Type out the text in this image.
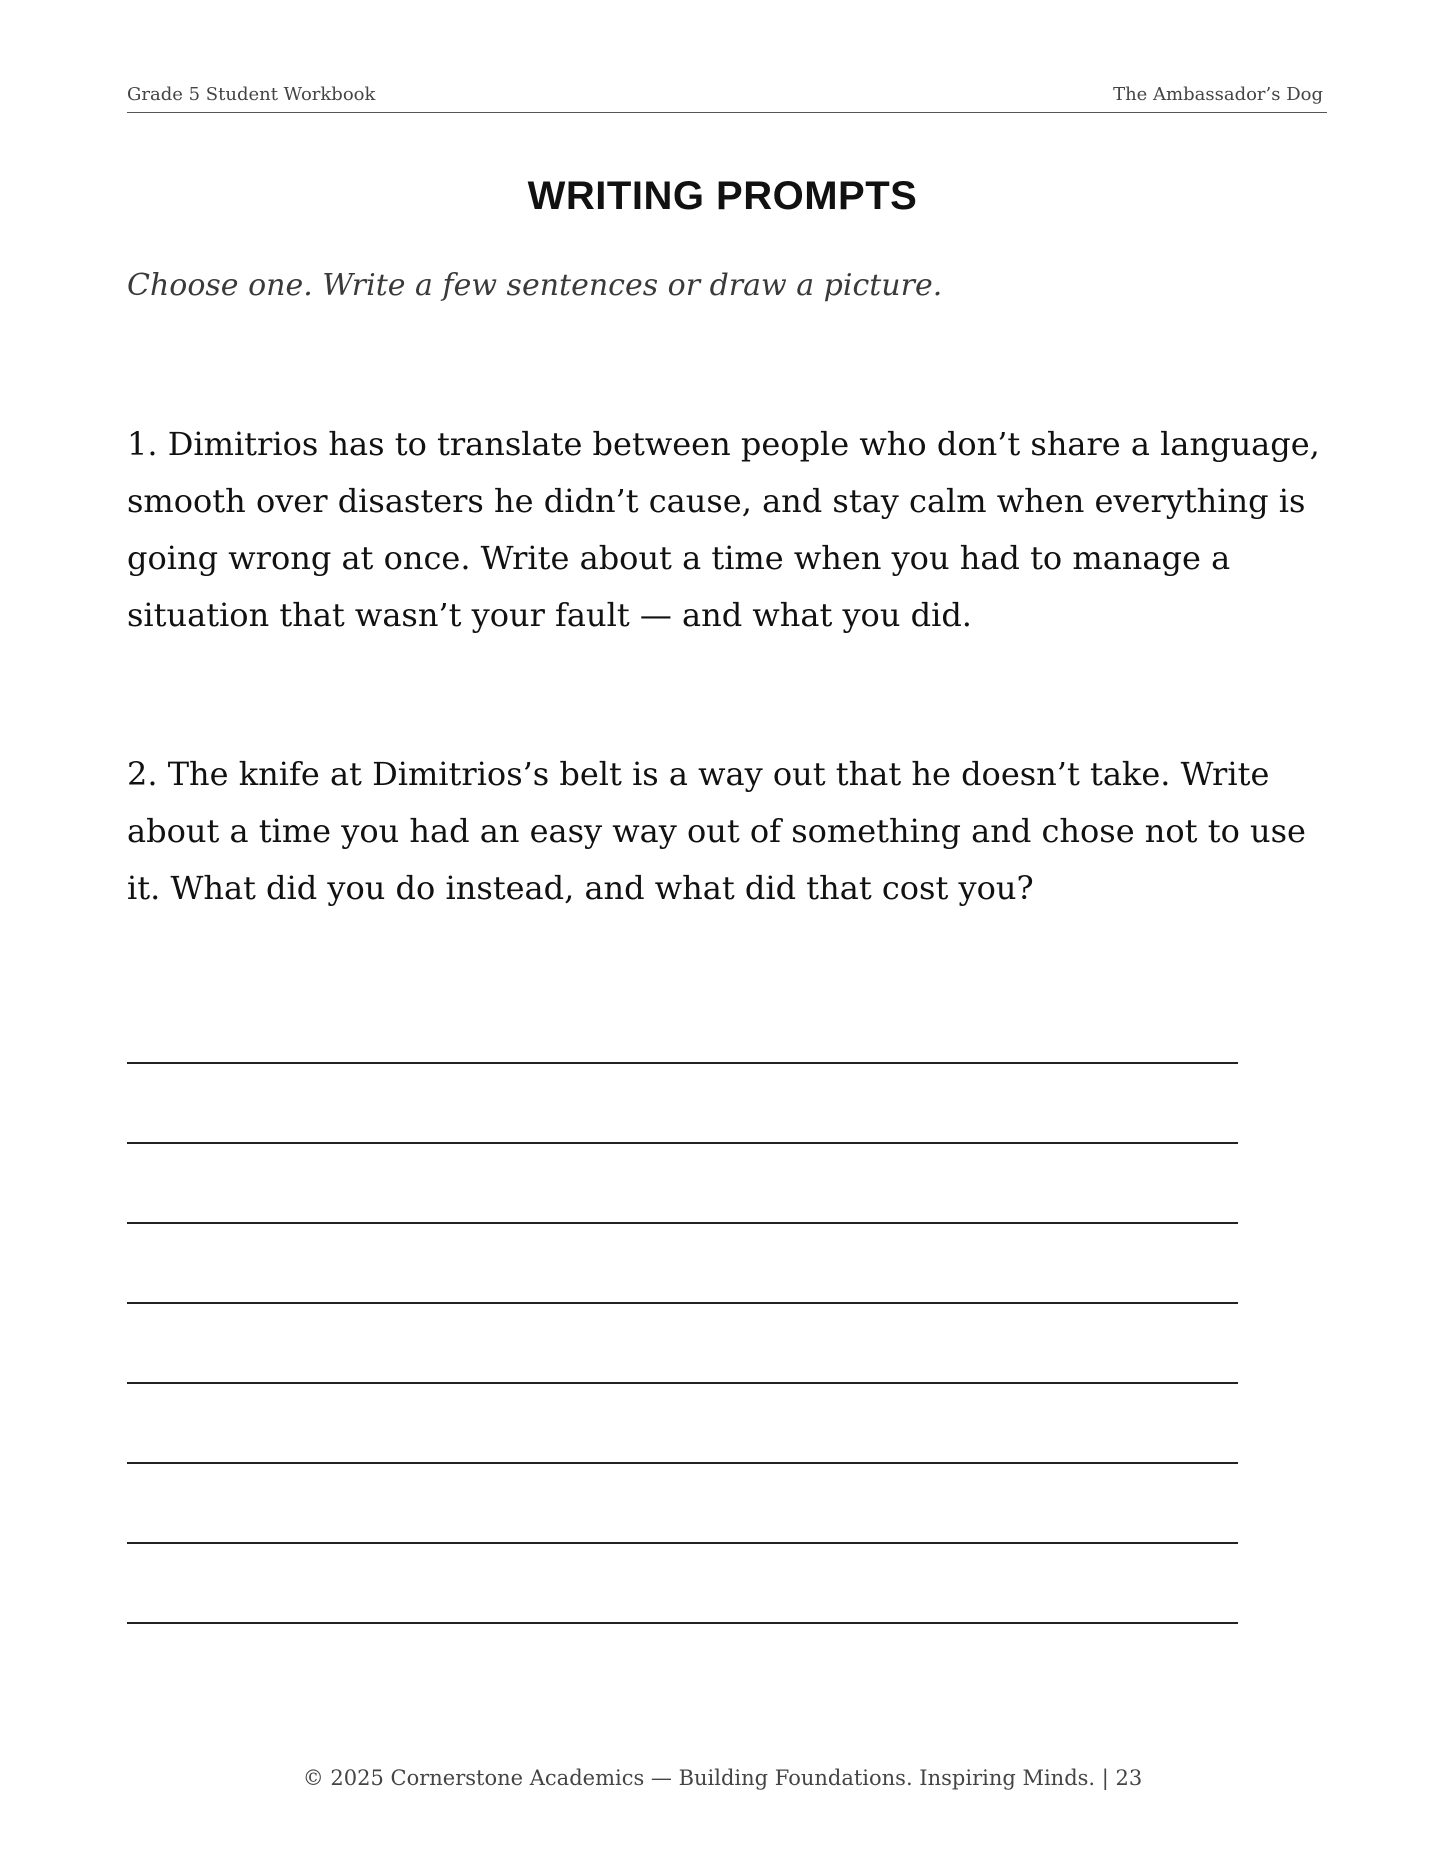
Grade 5 Student Workbook	The Ambassador’s Dog
WRITING PROMPTS
Choose one. Write a few sentences or draw a picture.
1. Dimitrios has to translate between people who don’t share a language, smooth over disasters he didn’t cause, and stay calm when everything is going wrong at once. Write about a time when you had to manage a situation that wasn’t your fault — and what you did.
2. The knife at Dimitrios’s belt is a way out that he doesn’t take. Write about a time you had an easy way out of something and chose not to use it. What did you do instead, and what did that cost you?
© 2025 Cornerstone Academics — Building Foundations. Inspiring Minds. | 23
